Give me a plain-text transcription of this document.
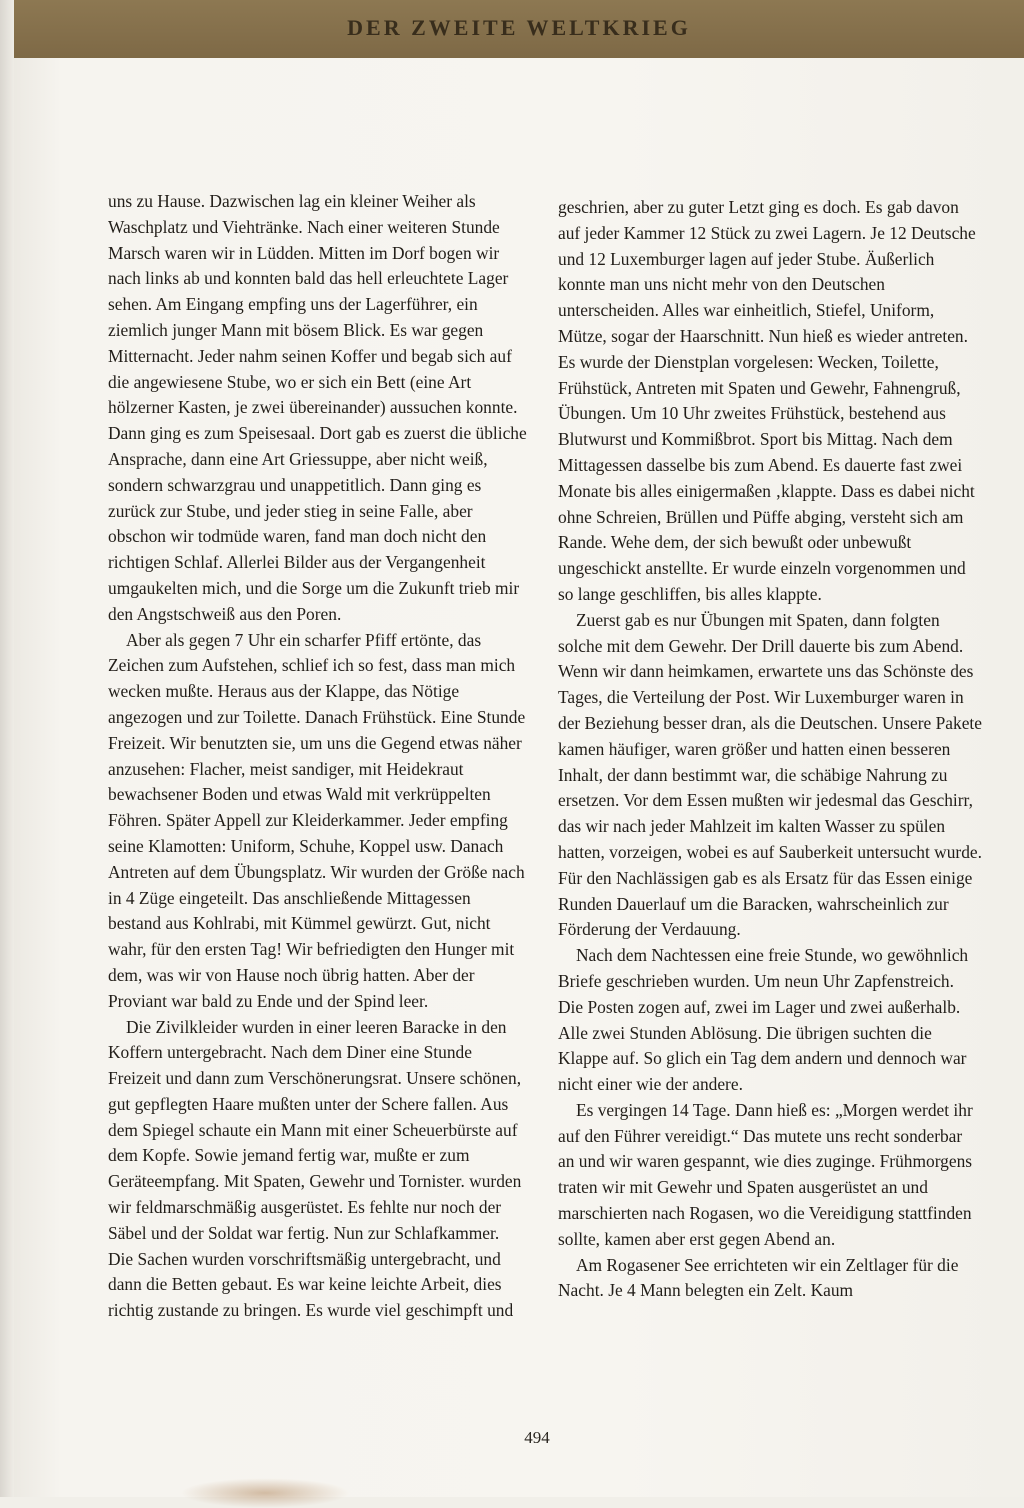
DER ZWEITE WELTKRIEG

uns zu Hause. Dazwischen lag ein kleiner Weiher als Waschplatz und Viehtränke. Nach einer weiteren Stunde Marsch waren wir in Lüdden. Mitten im Dorf bogen wir nach links ab und konnten bald das hell erleuchtete Lager sehen. Am Eingang empfing uns der Lagerführer, ein ziemlich junger Mann mit bösem Blick. Es war gegen Mitternacht. Jeder nahm seinen Koffer und begab sich auf die angewiesene Stube, wo er sich ein Bett (eine Art hölzerner Kasten, je zwei übereinander) aussuchen konnte. Dann ging es zum Speisesaal. Dort gab es zuerst die übliche Ansprache, dann eine Art Griessuppe, aber nicht weiß, sondern schwarzgrau und unappetitlich. Dann ging es zurück zur Stube, und jeder stieg in seine Falle, aber obschon wir todmüde waren, fand man doch nicht den richtigen Schlaf. Allerlei Bilder aus der Vergangenheit umgaukelten mich, und die Sorge um die Zukunft trieb mir den Angstschweiß aus den Poren.

Aber als gegen 7 Uhr ein scharfer Pfiff ertönte, das Zeichen zum Aufstehen, schlief ich so fest, dass man mich wecken mußte. Heraus aus der Klappe, das Nötige angezogen und zur Toilette. Danach Frühstück. Eine Stunde Freizeit. Wir benutzten sie, um uns die Gegend etwas näher anzusehen: Flacher, meist sandiger, mit Heidekraut bewachsener Boden und etwas Wald mit verkrüppelten Föhren. Später Appell zur Kleiderkammer. Jeder empfing seine Klamotten: Uniform, Schuhe, Koppel usw. Danach Antreten auf dem Übungsplatz. Wir wurden der Größe nach in 4 Züge eingeteilt. Das anschließende Mittagessen bestand aus Kohlrabi, mit Kümmel gewürzt. Gut, nicht wahr, für den ersten Tag! Wir befriedigten den Hunger mit dem, was wir von Hause noch übrig hatten. Aber der Proviant war bald zu Ende und der Spind leer.

Die Zivilkleider wurden in einer leeren Baracke in den Koffern untergebracht. Nach dem Diner eine Stunde Freizeit und dann zum Verschönerungsrat. Unsere schönen, gut gepflegten Haare mußten unter der Schere fallen. Aus dem Spiegel schaute ein Mann mit einer Scheuerbürste auf dem Kopfe. Sowie jemand fertig war, mußte er zum Geräteempfang. Mit Spaten, Gewehr und Tornister. wurden wir feldmarschmäßig ausgerüstet. Es fehlte nur noch der Säbel und der Soldat war fertig. Nun zur Schlafkammer. Die Sachen wurden vorschriftsmäßig untergebracht, und dann die Betten gebaut. Es war keine leichte Arbeit, dies richtig zustande zu bringen. Es wurde viel geschimpft und

geschrien, aber zu guter Letzt ging es doch. Es gab davon auf jeder Kammer 12 Stück zu zwei Lagern. Je 12 Deutsche und 12 Luxemburger lagen auf jeder Stube. Äußerlich konnte man uns nicht mehr von den Deutschen unterscheiden. Alles war einheitlich, Stiefel, Uniform, Mütze, sogar der Haarschnitt. Nun hieß es wieder antreten. Es wurde der Dienstplan vorgelesen: Wecken, Toilette, Frühstück, Antreten mit Spaten und Gewehr, Fahnengruß, Übungen. Um 10 Uhr zweites Frühstück, bestehend aus Blutwurst und Kommißbrot. Sport bis Mittag. Nach dem Mittagessen dasselbe bis zum Abend. Es dauerte fast zwei Monate bis alles einigermaßen ‚klappte. Dass es dabei nicht ohne Schreien, Brüllen und Püffe abging, versteht sich am Rande. Wehe dem, der sich bewußt oder unbewußt ungeschickt anstellte. Er wurde einzeln vorgenommen und so lange geschliffen, bis alles klappte.

Zuerst gab es nur Übungen mit Spaten, dann folgten solche mit dem Gewehr. Der Drill dauerte bis zum Abend. Wenn wir dann heimkamen, erwartete uns das Schönste des Tages, die Verteilung der Post. Wir Luxemburger waren in der Beziehung besser dran, als die Deutschen. Unsere Pakete kamen häufiger, waren größer und hatten einen besseren Inhalt, der dann bestimmt war, die schäbige Nahrung zu ersetzen. Vor dem Essen mußten wir jedesmal das Geschirr, das wir nach jeder Mahlzeit im kalten Wasser zu spülen hatten, vorzeigen, wobei es auf Sauberkeit untersucht wurde. Für den Nachlässigen gab es als Ersatz für das Essen einige Runden Dauerlauf um die Baracken, wahrscheinlich zur Förderung der Verdauung.

Nach dem Nachtessen eine freie Stunde, wo gewöhnlich Briefe geschrieben wurden. Um neun Uhr Zapfenstreich. Die Posten zogen auf, zwei im Lager und zwei außerhalb. Alle zwei Stunden Ablösung. Die übrigen suchten die Klappe auf. So glich ein Tag dem andern und dennoch war nicht einer wie der andere.

Es vergingen 14 Tage. Dann hieß es: „Morgen werdet ihr auf den Führer vereidigt.“ Das mutete uns recht sonderbar an und wir waren gespannt, wie dies zuginge. Frühmorgens traten wir mit Gewehr und Spaten ausgerüstet an und marschierten nach Rogasen, wo die Vereidigung stattfinden sollte, kamen aber erst gegen Abend an.

Am Rogasener See errichteten wir ein Zeltlager für die Nacht. Je 4 Mann belegten ein Zelt. Kaum

494
